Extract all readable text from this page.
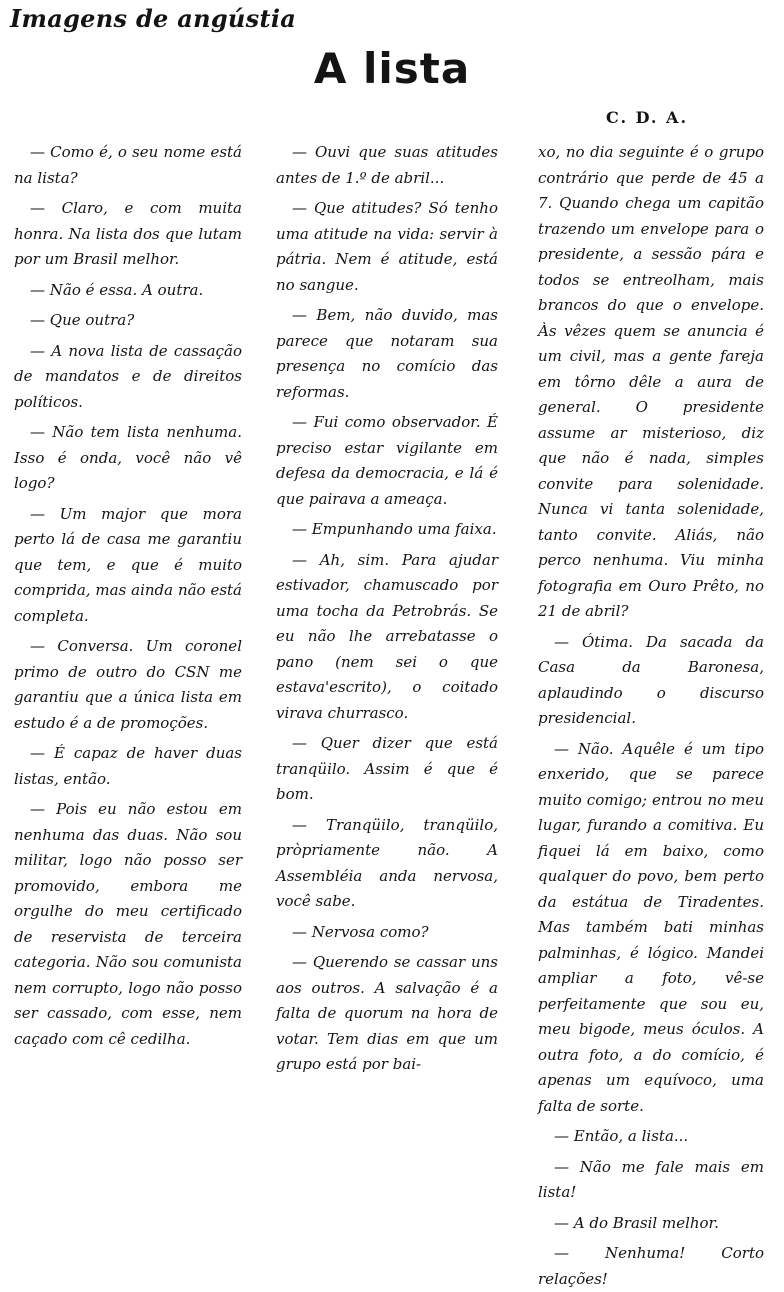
Imagens de angústia
A lista
C. D. A.

— Como é, o seu nome está na lista?

— Claro, e com muita honra. Na lista dos que lutam por um Brasil melhor.

— Não é essa. A outra.

— Que outra?

— A nova lista de cassação de mandatos e de direitos políticos.

— Não tem lista nenhuma. Isso é onda, você não vê logo?

— Um major que mora perto lá de casa me garantiu que tem, e que é muito comprida, mas ainda não está completa.

— Conversa. Um coronel primo de outro do CSN me garantiu que a única lista em estudo é a de promoções.

— É capaz de haver duas listas, então.

— Pois eu não estou em nenhuma das duas. Não sou militar, logo não posso ser promovido, embora me orgulhe do meu certificado de reservista de terceira categoria. Não sou comunista nem corrupto, logo não posso ser cassado, com esse, nem caçado com cê cedilha.

— Ouvi que suas atitudes antes de 1.º de abril...

— Que atitudes? Só tenho uma atitude na vida: servir à pátria. Nem é atitude, está no sangue.

— Bem, não duvido, mas parece que notaram sua presença no comício das reformas.

— Fui como observador. É preciso estar vigilante em defesa da democracia, e lá é que pairava a ameaça.

— Empunhando uma faixa.

— Ah, sim. Para ajudar estivador, chamuscado por uma tocha da Petrobrás. Se eu não lhe arrebatasse o pano (nem sei o que estava'escrito), o coitado virava churrasco.

— Quer dizer que está tranqüilo. Assim é que é bom.

— Tranqüilo, tranqüilo, pròpriamente não. A Assembléia anda nervosa, você sabe.

— Nervosa como?

— Querendo se cassar uns aos outros. A salvação é a falta de quorum na hora de votar. Tem dias em que um grupo está por bai-

xo, no dia seguinte é o grupo contrário que perde de 45 a 7. Quando chega um capitão trazendo um envelope para o presidente, a sessão pára e todos se entreolham, mais brancos do que o envelope. Às vêzes quem se anuncia é um civil, mas a gente fareja em tôrno dêle a aura de general. O presidente assume ar misterioso, diz que não é nada, simples convite para solenidade. Nunca vi tanta solenidade, tanto convite. Aliás, não perco nenhuma. Viu minha fotografia em Ouro Prêto, no 21 de abril?

— Ótima. Da sacada da Casa da Baronesa, aplaudindo o discurso presidencial.

— Não. Aquêle é um tipo enxerido, que se parece muito comigo; entrou no meu lugar, furando a comitiva. Eu fiquei lá em baixo, como qualquer do povo, bem perto da estátua de Tiradentes. Mas também bati minhas palminhas, é lógico. Mandei ampliar a foto, vê-se perfeitamente que sou eu, meu bigode, meus óculos. A outra foto, a do comício, é apenas um equívoco, uma falta de sorte.

— Então, a lista...

— Não me fale mais em lista!

— A do Brasil melhor.

— Nenhuma! Corto relações!
